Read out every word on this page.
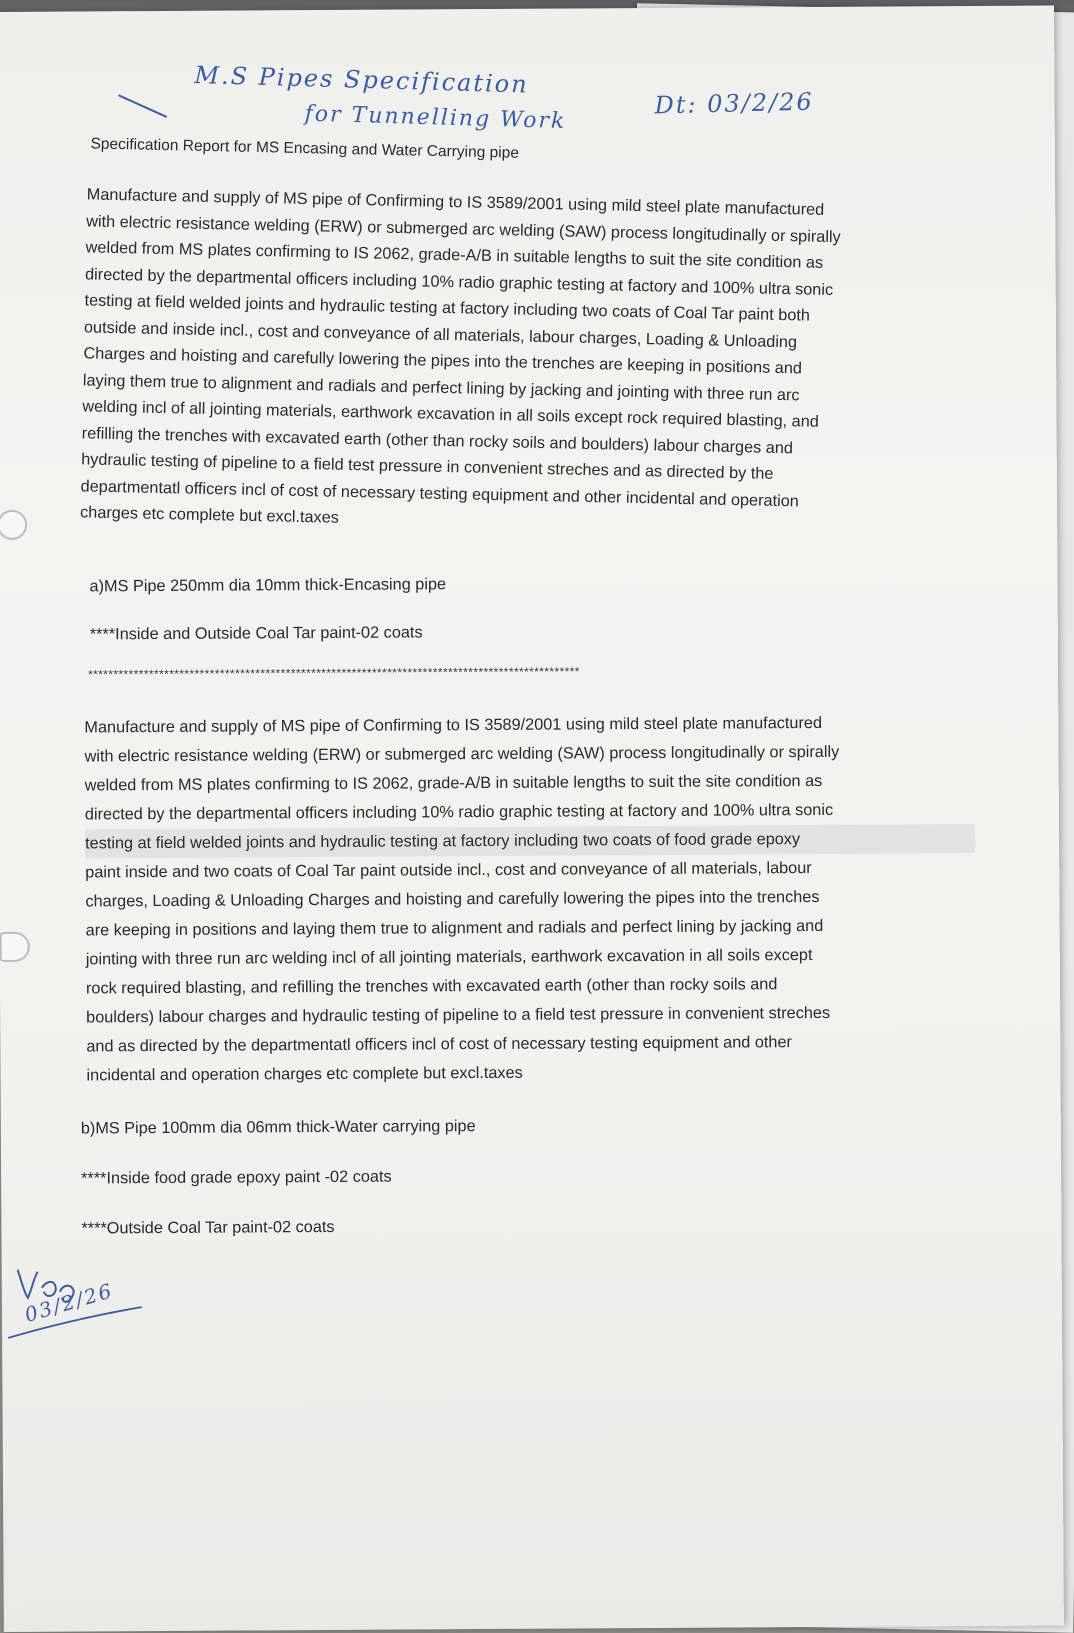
M.S Pipes Specification
for Tunnelling Work	Dt: 03/2/26
Specification Report for MS Encasing and Water Carrying pipe
Manufacture and supply of MS pipe of Confirming to IS 3589/2001 using mild steel plate manufactured
with electric resistance welding (ERW) or submerged arc welding (SAW) process longitudinally or spirally
welded from MS plates confirming to IS 2062, grade-A/B in suitable lengths to suit the site condition as
directed by the departmental officers including 10% radio graphic testing at factory and 100% ultra sonic
testing at field welded joints and hydraulic testing at factory including two coats of Coal Tar paint both
outside and inside incl., cost and conveyance of all materials, labour charges, Loading & Unloading
Charges and hoisting and carefully lowering the pipes into the trenches are keeping in positions and
laying them true to alignment and radials and perfect lining by jacking and jointing with three run arc
welding incl of all jointing materials, earthwork excavation in all soils except rock required blasting, and
refilling the trenches with excavated earth (other than rocky soils and boulders) labour charges and
hydraulic testing of pipeline to a field test pressure in convenient streches and as directed by the
departmentatl officers incl of cost of necessary testing equipment and other incidental and operation
charges etc complete but excl.taxes
a)MS Pipe 250mm dia 10mm thick-Encasing pipe
****Inside and Outside Coal Tar paint-02 coats
*************************************************************************************************
Manufacture and supply of MS pipe of Confirming to IS 3589/2001 using mild steel plate manufactured
with electric resistance welding (ERW) or submerged arc welding (SAW) process longitudinally or spirally
welded from MS plates confirming to IS 2062, grade-A/B in suitable lengths to suit the site condition as
directed by the departmental officers including 10% radio graphic testing at factory and 100% ultra sonic
testing at field welded joints and hydraulic testing at factory including two coats of food grade epoxy
paint inside and two coats of Coal Tar paint outside incl., cost and conveyance of all materials, labour
charges, Loading & Unloading Charges and hoisting and carefully lowering the pipes into the trenches
are keeping in positions and laying them true to alignment and radials and perfect lining by jacking and
jointing with three run arc welding incl of all jointing materials, earthwork excavation in all soils except
rock required blasting, and refilling the trenches with excavated earth (other than rocky soils and
boulders) labour charges and hydraulic testing of pipeline to a field test pressure in convenient streches
and as directed by the departmentatl officers incl of cost of necessary testing equipment and other
incidental and operation charges etc complete but excl.taxes
b)MS Pipe 100mm dia 06mm thick-Water carrying pipe
****Inside food grade epoxy paint -02 coats
****Outside Coal Tar paint-02 coats
03/2/26
